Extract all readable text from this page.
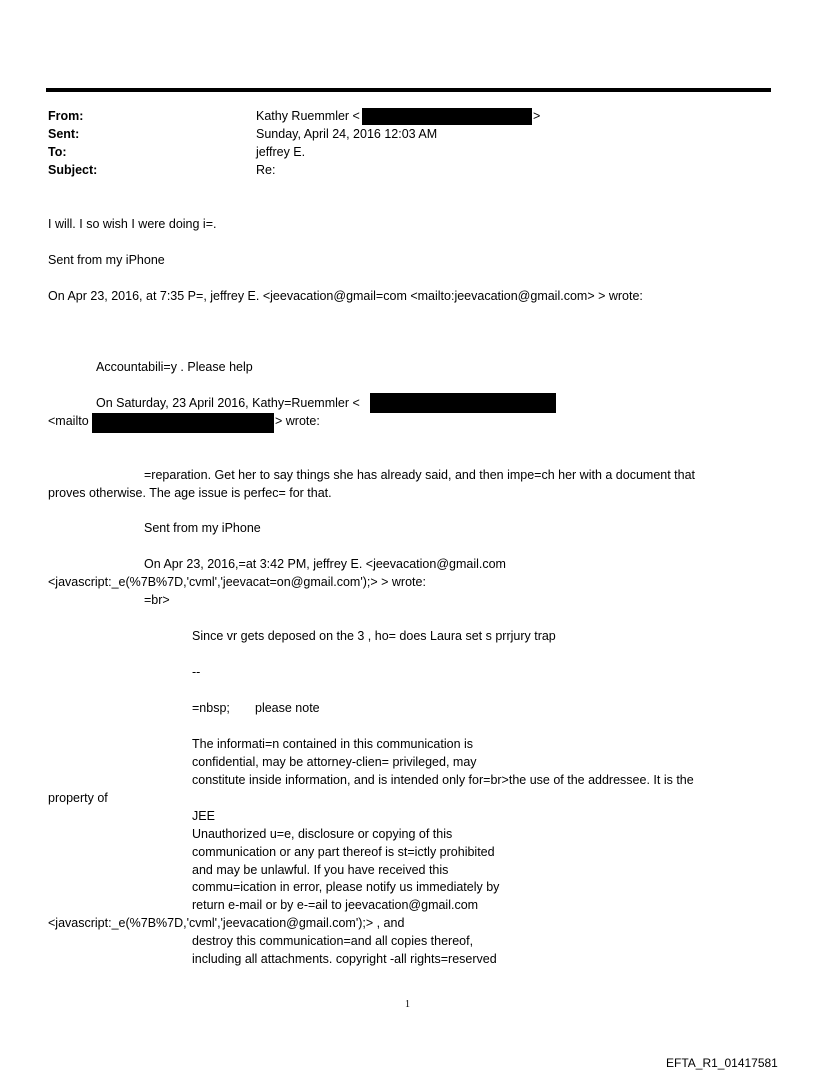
From:
Sent:
To:
Subject:
Kathy Ruemmler <	>
Sunday, April 24, 2016 12:03 AM
jeffrey E.
Re:
I will. I so wish I were doing i=.
Sent from my iPhone
On Apr 23, 2016, at 7:35 P=, jeffrey E. <jeevacation@gmail=com <mailto:jeevacation@gmail.com> > wrote:
Accountabili=y . Please help
On Saturday, 23 April 2016, Kathy=Ruemmler <
<mailto	> wrote:
=reparation. Get her to say things she has already said, and then impe=ch her with a document that
proves otherwise. The age issue is perfec= for that.
Sent from my iPhone
On Apr 23, 2016,=at 3:42 PM, jeffrey E. <jeevacation@gmail.com
<javascript:_e(%7B%7D,'cvml','jeevacat=on@gmail.com');> > wrote:
=br>
Since vr gets deposed on the 3 , ho= does Laura set s prrjury trap
--
=nbsp; please note
The informati=n contained in this communication is
confidential, may be attorney-clien= privileged, may
constitute inside information, and is intended only for=br>the use of the addressee. It is the
property of
JEE
Unauthorized u=e, disclosure or copying of this
communication or any part thereof is st=ictly prohibited
and may be unlawful. If you have received this
commu=ication in error, please notify us immediately by
return e-mail or by e-=ail to jeevacation@gmail.com
<javascript:_e(%7B%7D,'cvml','jeevacation@gmail.com');> , and
destroy this communication=and all copies thereof,
including all attachments. copyright -all rights=reserved
1
EFTA_R1_01417581
